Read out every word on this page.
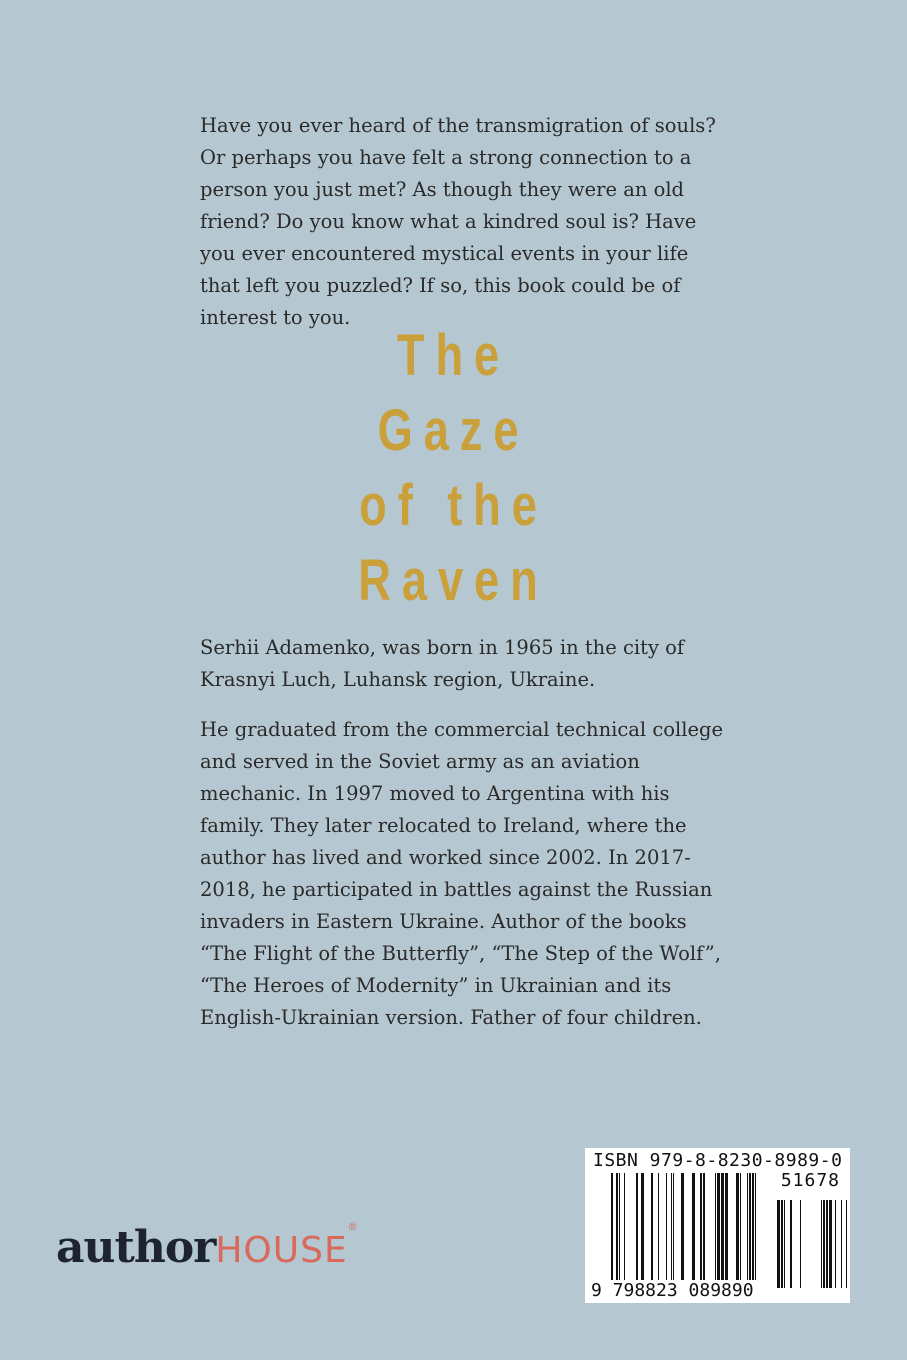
Have you ever heard of the transmigration of souls? Or perhaps you have felt a strong connection to a person you just met? As though they were an old friend? Do you know what a kindred soul is? Have you ever encountered mystical events in your life that left you puzzled? If so, this book could be of interest to you.

The
Gaze
of the
Raven

Serhii Adamenko, was born in 1965 in the city of Krasnyi Luch, Luhansk region, Ukraine.

He graduated from the commercial technical college and served in the Soviet army as an aviation mechanic. In 1997 moved to Argentina with his family. They later relocated to Ireland, where the author has lived and worked since 2002. In 2017-2018, he participated in battles against the Russian invaders in Eastern Ukraine. Author of the books “The Flight of the Butterfly”, “The Step of the Wolf”, “The Heroes of Modernity” in Ukrainian and its English-Ukrainian version. Father of four children.

authorHOUSE®
ISBN 979-8-8230-8989-0
51678
9 798823 089890
